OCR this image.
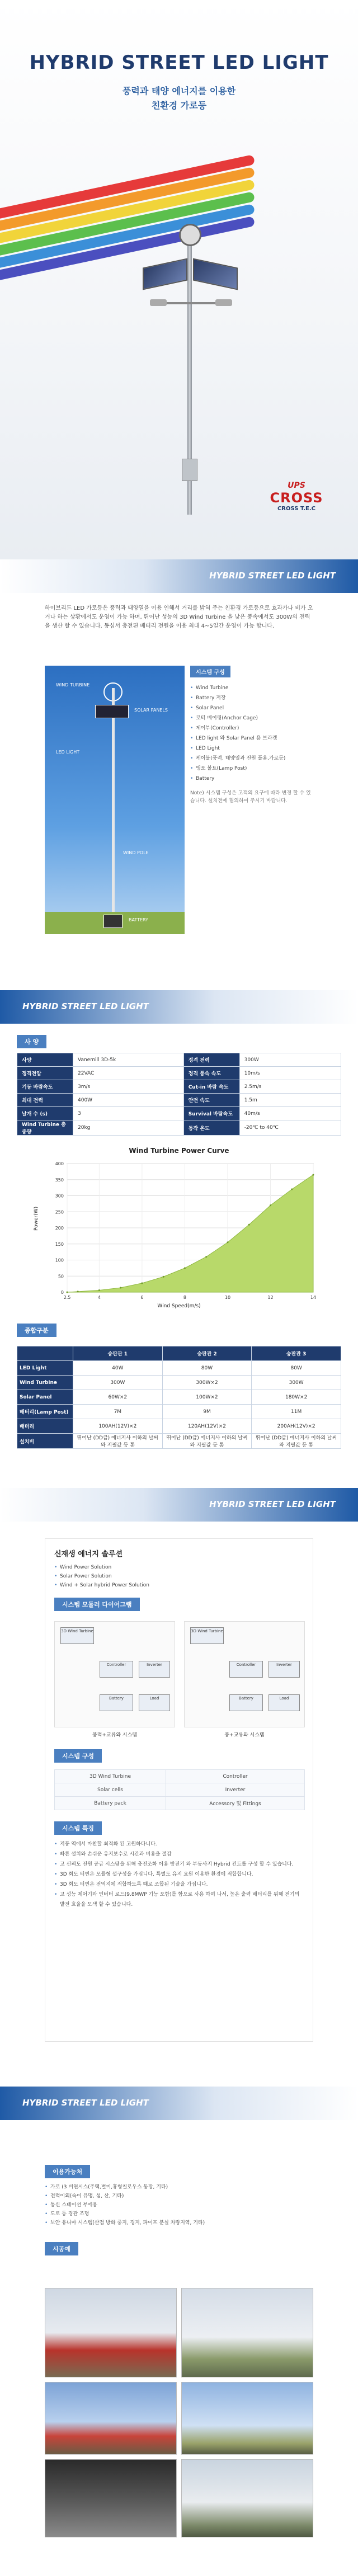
HYBRID STREET LED LIGHT
풍력과 태양 에너지를 이용한
친환경 가로등
UPS
CROSS
CROSS T.E.C
HYBRID STREET LED LIGHT
하이브리드 LED 가로등은 풍력과 태양열을 이용 인해서 거리를 밝혀 주는 친환경 가로등으로 효과가나 비가 오거나 하는 상황에서도 운영이 가능 하며, 뛰어난 성능의 3D Wind Turbine 을 낮은 풍속에서도 300W의 전력을 생산 할 수 있습니다. 동심서 충전된 베터리 전원을 이용 최대 4~5일간 운영이 가능 합니다.
WIND TURBINE
SOLAR PANELS
LED LIGHT
BATTERY
WIND POLE
시스템 구성
• Wind Turbine
• Battery 저장
• Solar Panel
• 로터 베어링(Anchor Cage)
• 제어부(Controller)
• LED light 와 Solar Panel 용 브라켓
• LED Light
• 케이블(풍력, 태양열과 전원 플용,가로등)
• 앵포 볼트(Lamp Post)
• Battery
Note) 시스템 구성은 고객의 요구에 따라 변경 할 수 있습니다. 설치전에 협의하여 주시기 바랍니다.
HYBRID STREET LED LIGHT
사 양
사양	Vanemill 3D-5k	정격 전력	300W
정격전압	22VAC	정격 풍속 속도	10m/s
기동 바람속도	3m/s	Cut-in 바람 속도	2.5m/s
최대 전력	400W	안전 속도	1.5m
날개 수 (s)	3	Survival 바람속도	40m/s
Wind Turbine 총 중량	20kg	동작 온도	-20℃ to 40℃
Wind Turbine Power Curve
0
50
100
150
200
250
300
350
400
2.5	4	6	8	10	12	14
Power(W)
Wind Speed(m/s)
종합구분
	승판관 1	승판관 2	승판관 3
LED Light	40W	80W	80W
Wind Turbine	300W	300W×2	300W
Solar Panel	60W×2	100W×2	180W×2
배터리(Lamp Post)	7M	9M	11M
배터리	100AH(12V)×2	120AH(12V)×2	200AH(12V)×2
설치비	뛰어난 (DD급) 에너지사 이하의 날씨와 지필값 등 통	뛰어난 (DD급) 에너지사 이하의 날씨와 지필값 등 통	뛰어난 (DD급) 에너지사 이하의 날씨와 지필값 등 통
HYBRID STREET LED LIGHT
신재생 에너지 솔루션
• Wind Power Solution
• Solar Power Solution
• Wind + Solar hybrid Power Solution
시스템 모듈러 다이어그램
3D Wind Turbine
Controller	Inverter
Battery	Load
풍력+교류와 시스템
3D Wind Turbine
Controller	Inverter
Battery	Load
풍+교류와 시스템
시스템 구성
3D Wind Turbine	Controller
Solar cells	Inverter
Battery pack	Accessory 및 Fittings
시스템 특징
• 저풍 역에서 마찬할 최적화 된 고원하다니다.
• 빠른 설치와 손쉬운 유지보수로 시간과 비용을 절감
• 고 신뢰도 전원 공급 시스템을 위해 충전조화 이용 방전기 와 부동사지 Hybrid 컨트롤 구성 할 수 있습니다.
• 3D 회도 터빈은 모듈형 설구성을 가집니다. 특별도 유지 요원 이용한 환경에 적합합니다.
• 3D 회도 터빈은 전역지에 적합하도록 때로 조합된 기술을 가집니다.
• 고 성능 제어기와 인버터 로드(9.8MWP 기능 포함)를 함으로 사용 하여 나서, 높은 출력 배터리를 위해 전기의 발전 효율을 모색 할 수 있습니다.
HYBRID STREET LED LIGHT
이용가능처
• 가로 (3 비연시스(주택,별미,휴형칠로우스 동장, 기타)
• 전력이외(숙이 유명, 섬, 산, 기타)
• 통신 스테이션 부에용
• 도로 등 경관 조명
• 보안 유니마 시스템(산점 방화 중지, 경지, 파이프 분실 차량지역, 기타)
시공예
